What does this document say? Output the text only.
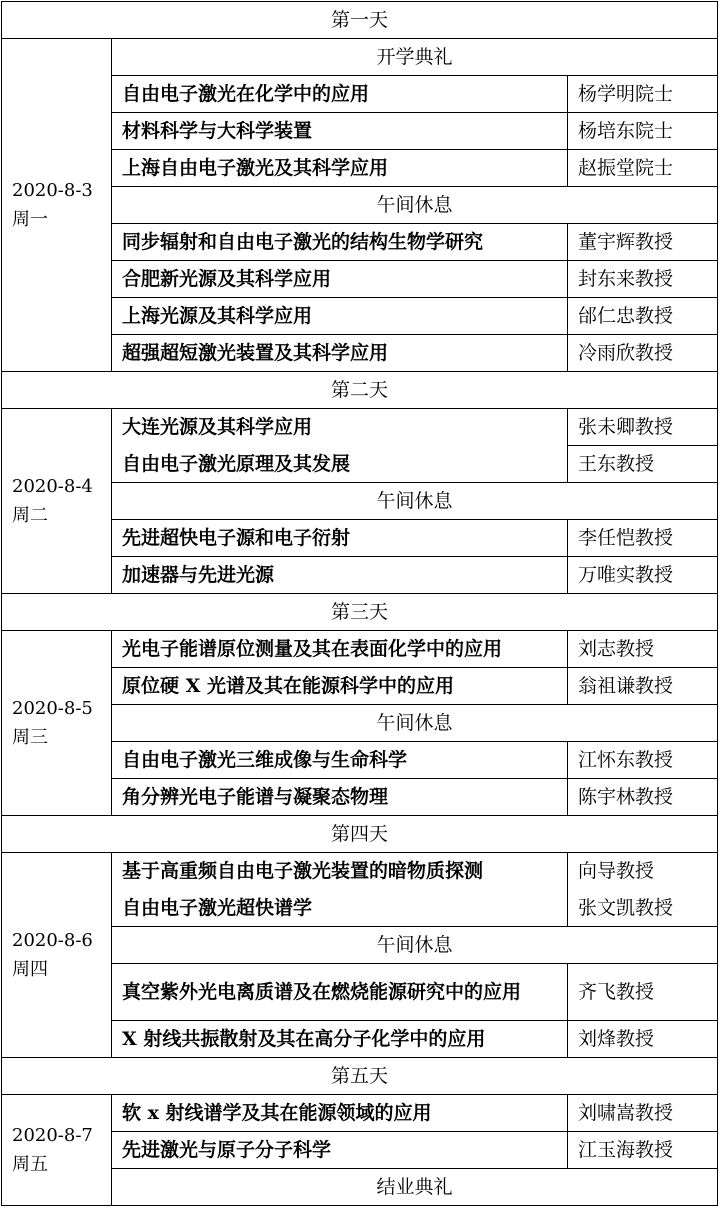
第一天		
2020-8-3
周一	开学典礼	
	自由电子激光在化学中的应用	杨学明院士
	材料科学与大科学装置	杨培东院士
	上海自由电子激光及其科学应用	赵振堂院士
	午间休息	
	同步辐射和自由电子激光的结构生物学研究	董宇辉教授
	合肥新光源及其科学应用	封东来教授
	上海光源及其科学应用	邰仁忠教授
	超强超短激光装置及其科学应用	冷雨欣教授
第二天		
2020-8-4
周二	大连光源及其科学应用	张未卿教授
	自由电子激光原理及其发展	王东教授
	午间休息	
	先进超快电子源和电子衍射	李任恺教授
	加速器与先进光源	万唯实教授
第三天		
2020-8-5
周三	光电子能谱原位测量及其在表面化学中的应用	刘志教授
	原位硬 X 光谱及其在能源科学中的应用	翁祖谦教授
	午间休息	
	自由电子激光三维成像与生命科学	江怀东教授
	角分辨光电子能谱与凝聚态物理	陈宇林教授
第四天		
2020-8-6
周四	基于高重频自由电子激光装置的暗物质探测	向导教授
	自由电子激光超快谱学	张文凯教授
	午间休息	
	真空紫外光电离质谱及在燃烧能源研究中的应用	齐飞教授
	X 射线共振散射及其在高分子化学中的应用	刘烽教授
第五天		
2020-8-7
周五	软 x 射线谱学及其在能源领域的应用	刘啸嵩教授
	先进激光与原子分子科学	江玉海教授
	结业典礼	
